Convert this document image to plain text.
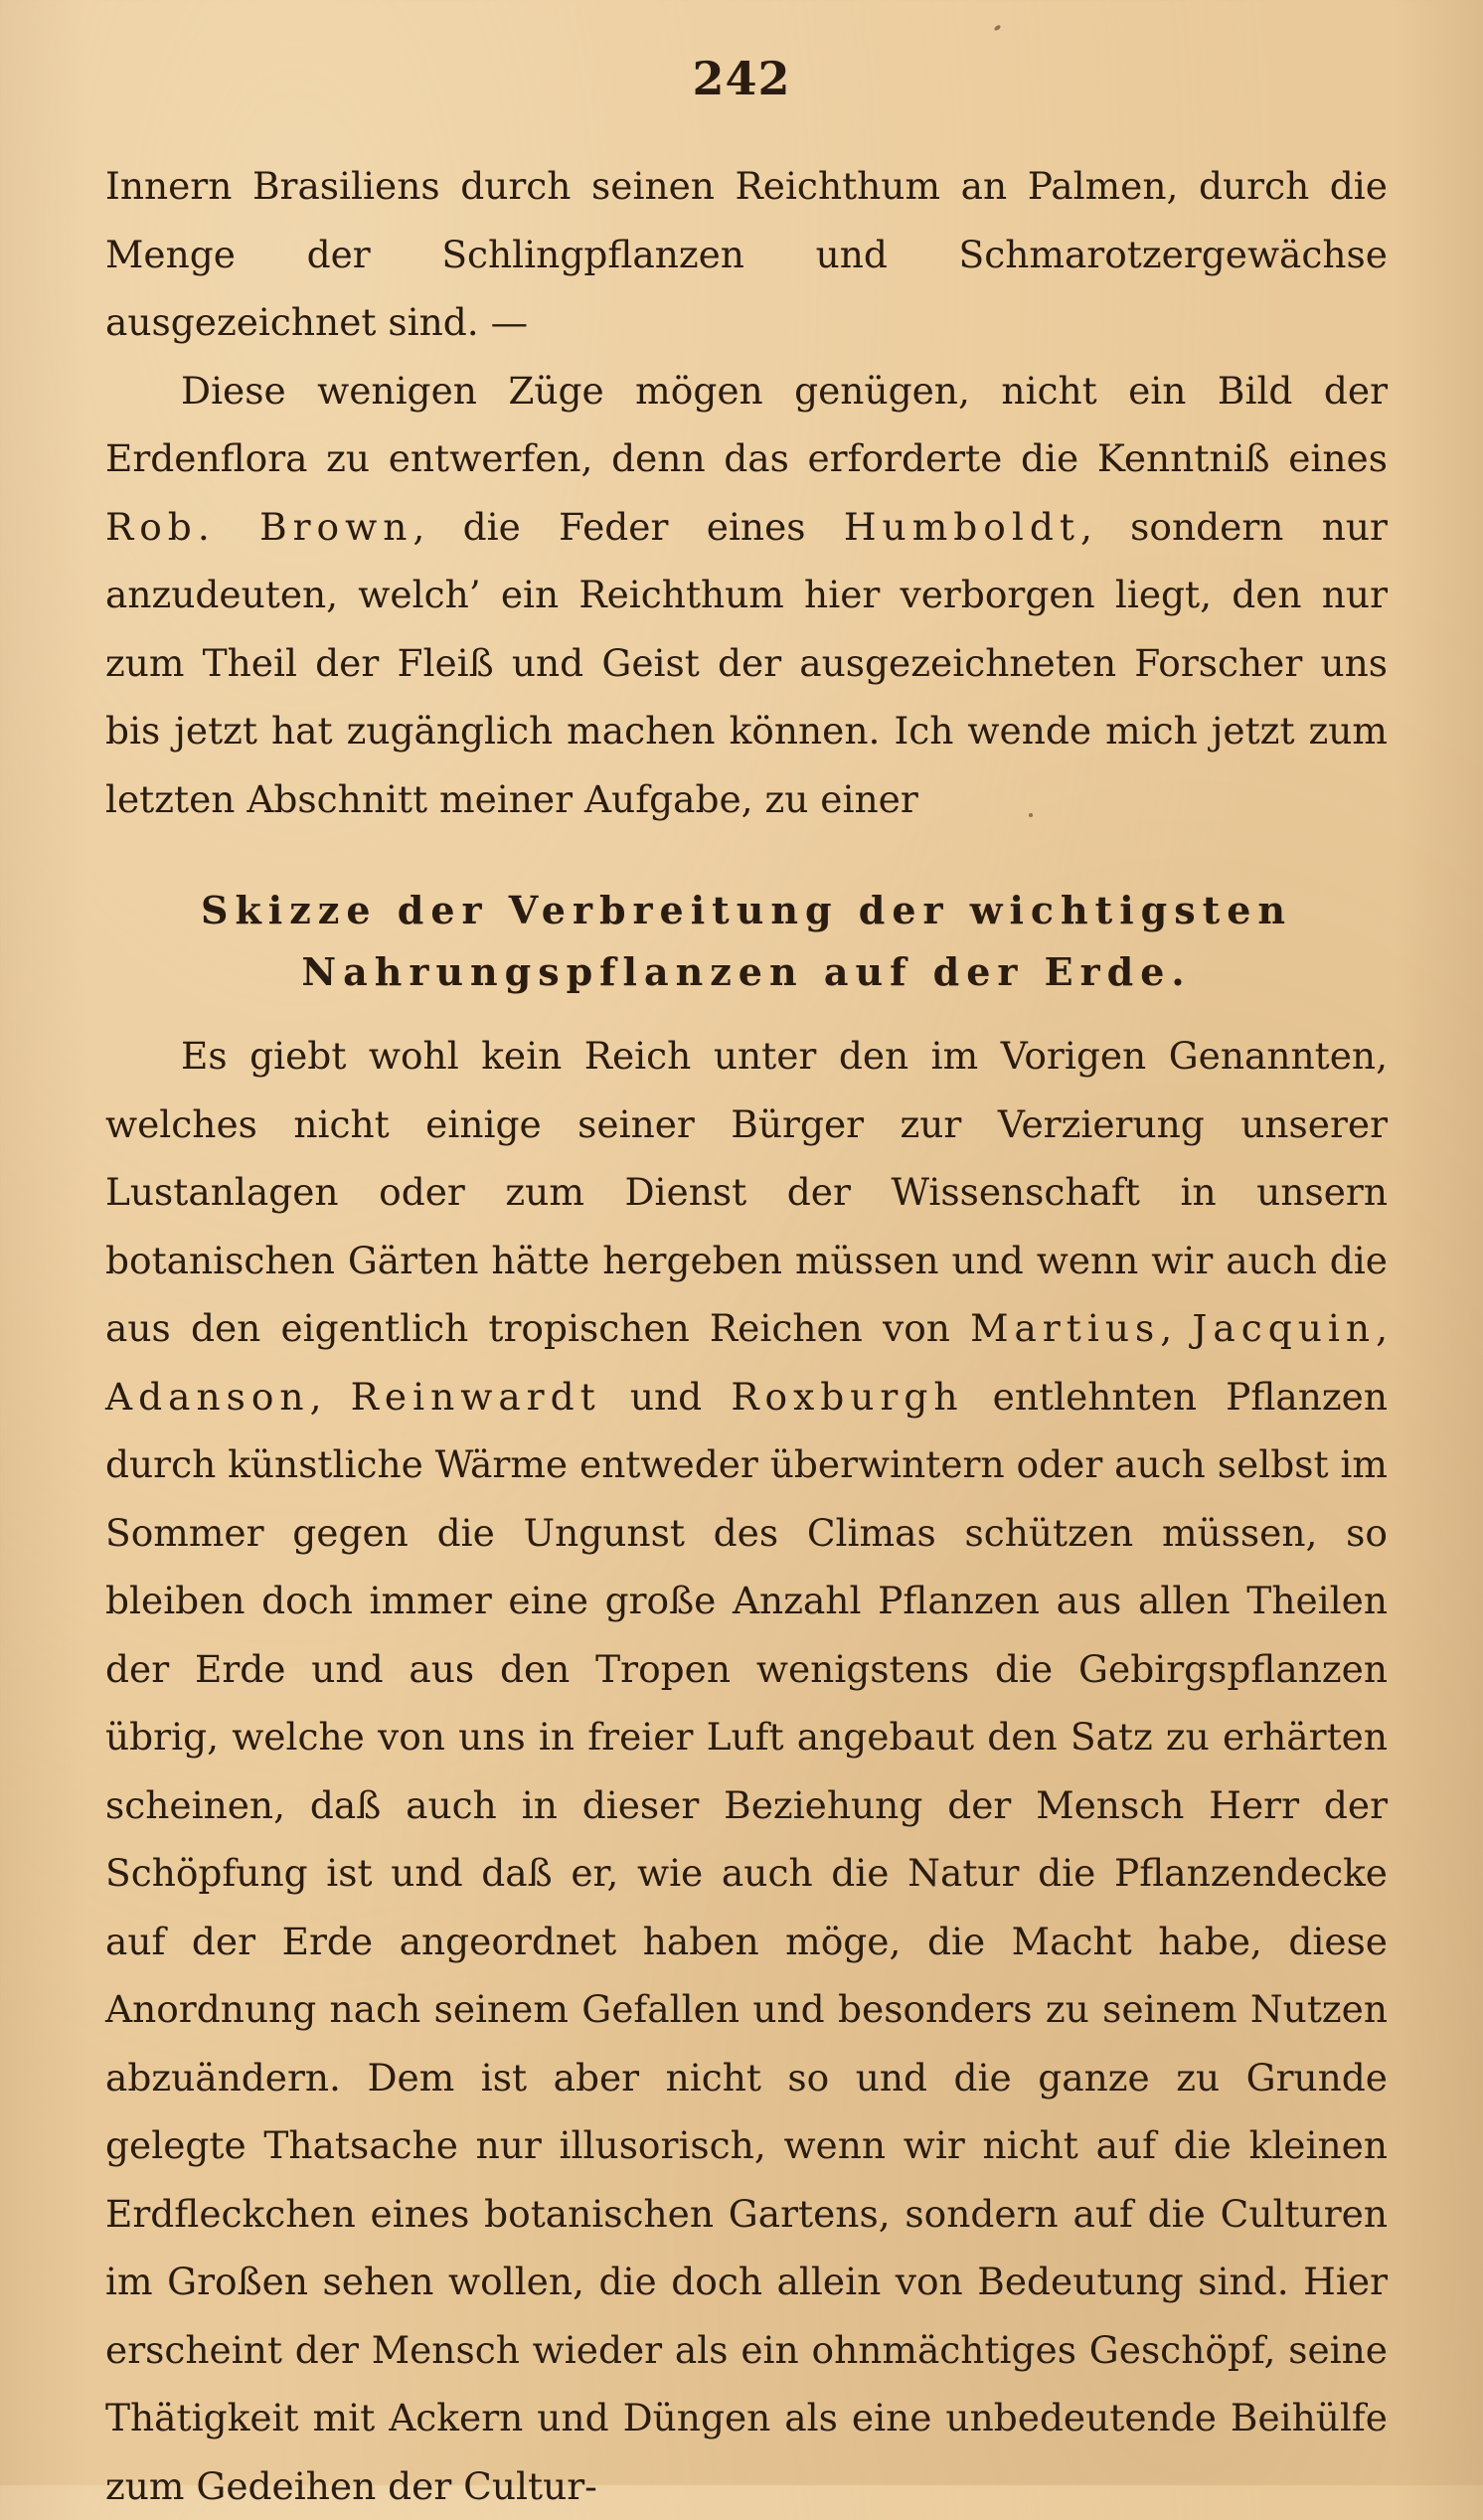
242

Innern Brasiliens durch seinen Reichthum an Palmen, durch die Menge der Schlingpflanzen und Schmarotzergewächse ausgezeichnet sind. —

Diese wenigen Züge mögen genügen, nicht ein Bild der Erdenflora zu entwerfen, denn das erforderte die Kenntniß eines Rob. Brown, die Feder eines Humboldt, sondern nur anzudeuten, welch’ ein Reichthum hier verborgen liegt, den nur zum Theil der Fleiß und Geist der ausgezeichneten Forscher uns bis jetzt hat zugänglich machen können. Ich wende mich jetzt zum letzten Abschnitt meiner Aufgabe, zu einer

Skizze der Verbreitung der wichtigsten Nahrungspflanzen auf der Erde.

Es giebt wohl kein Reich unter den im Vorigen Genannten, welches nicht einige seiner Bürger zur Verzierung unserer Lustanlagen oder zum Dienst der Wissenschaft in unsern botanischen Gärten hätte hergeben müssen und wenn wir auch die aus den eigentlich tropischen Reichen von Martius, Jacquin, Adanson, Reinwardt und Roxburgh entlehnten Pflanzen durch künstliche Wärme entweder überwintern oder auch selbst im Sommer gegen die Ungunst des Climas schützen müssen, so bleiben doch immer eine große Anzahl Pflanzen aus allen Theilen der Erde und aus den Tropen wenigstens die Gebirgspflanzen übrig, welche von uns in freier Luft angebaut den Satz zu erhärten scheinen, daß auch in dieser Beziehung der Mensch Herr der Schöpfung ist und daß er, wie auch die Natur die Pflanzendecke auf der Erde angeordnet haben möge, die Macht habe, diese Anordnung nach seinem Gefallen und besonders zu seinem Nutzen abzuändern. Dem ist aber nicht so und die ganze zu Grunde gelegte Thatsache nur illusorisch, wenn wir nicht auf die kleinen Erdfleckchen eines botanischen Gartens, sondern auf die Culturen im Großen sehen wollen, die doch allein von Bedeutung sind. Hier erscheint der Mensch wieder als ein ohnmächtiges Geschöpf, seine Thätigkeit mit Ackern und Düngen als eine unbedeutende Beihülfe zum Gedeihen der Cultur-
